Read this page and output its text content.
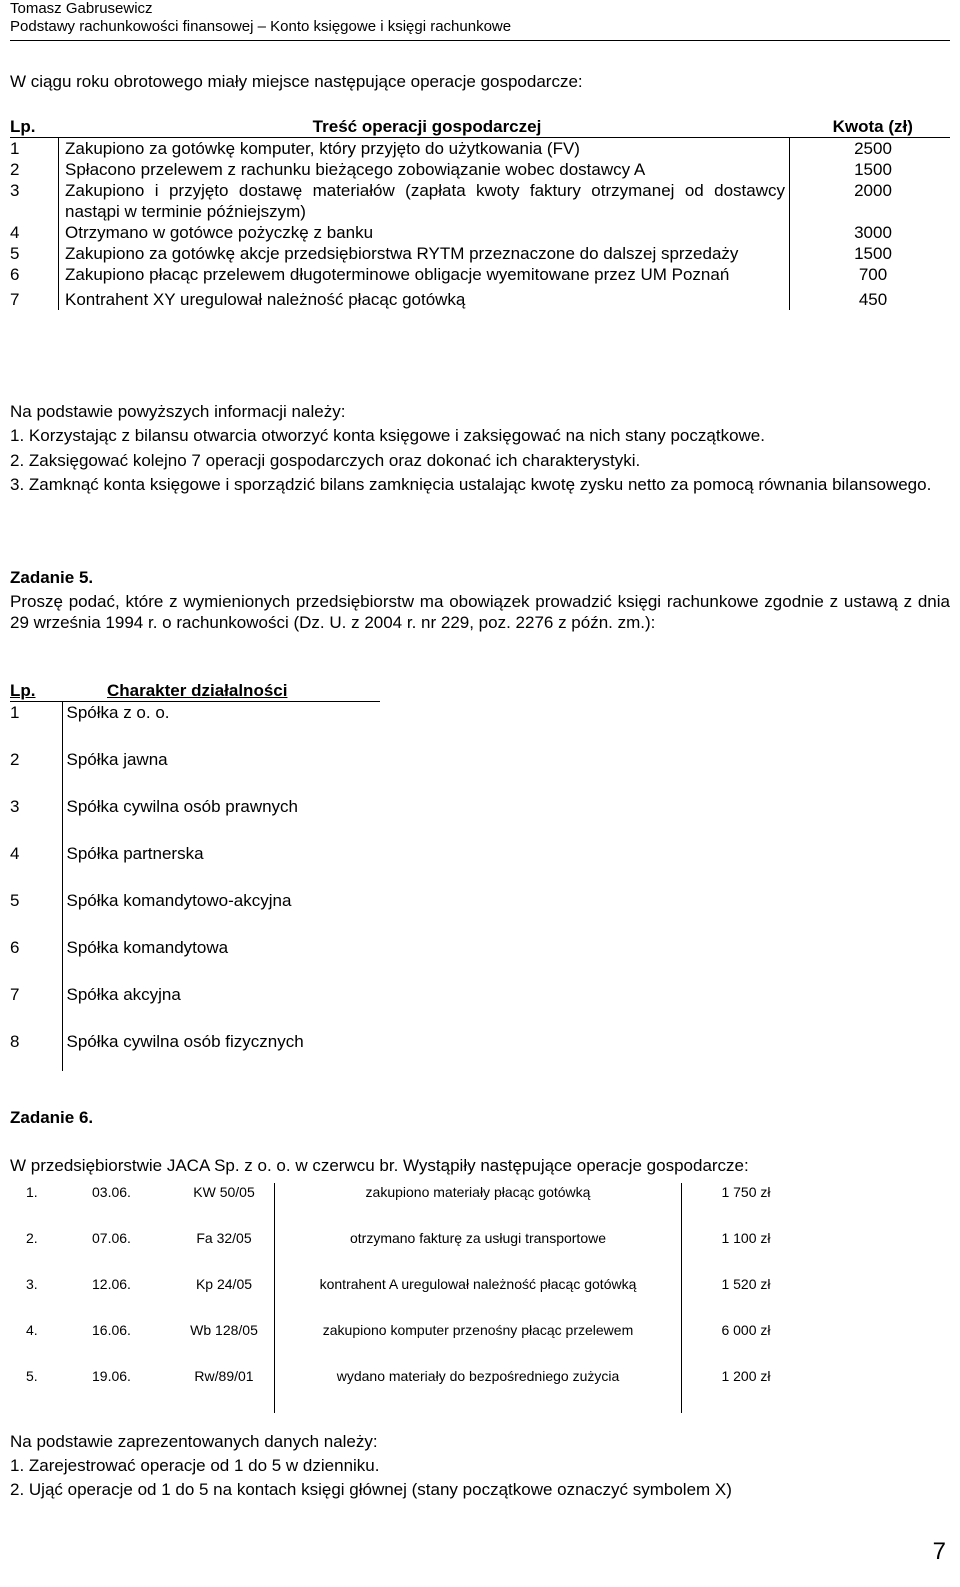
Tomasz Gabrusewicz
Podstawy rachunkowości finansowej – Konto księgowe i księgi rachunkowe
W ciągu roku obrotowego miały miejsce następujące operacje gospodarcze:
Lp.	Treść operacji gospodarczej	Kwota (zł)
1	Zakupiono za gotówkę komputer, który przyjęto do użytkowania (FV)	2500
2	Spłacono przelewem z rachunku bieżącego zobowiązanie wobec dostawcy A	1500
3	Zakupiono i przyjęto dostawę materiałów (zapłata kwoty faktury otrzymanej od dostawcy nastąpi w terminie późniejszym)	2000
4	Otrzymano w gotówce pożyczkę z banku	3000
5	Zakupiono za gotówkę akcje przedsiębiorstwa RYTM przeznaczone do dalszej sprzedaży	1500
6	Zakupiono płacąc przelewem długoterminowe obligacje wyemitowane przez UM Poznań	700
7	Kontrahent XY uregulował należność płacąc gotówką	450
Na podstawie powyższych informacji należy:
1. Korzystając z bilansu otwarcia otworzyć konta księgowe i zaksięgować na nich stany początkowe.
2. Zaksięgować kolejno 7 operacji gospodarczych oraz dokonać ich charakterystyki.
3. Zamknąć konta księgowe i sporządzić bilans zamknięcia ustalając kwotę zysku netto za pomocą równania bilansowego.
Zadanie 5.
Proszę podać, które z wymienionych przedsiębiorstw ma obowiązek prowadzić księgi rachunkowe zgodnie z ustawą z dnia 29 września 1994 r. o rachunkowości (Dz. U. z 2004 r. nr 229, poz. 2276 z późn. zm.):
Lp.	Charakter działalności
1	Spółka z o. o.
2	Spółka jawna
3	Spółka cywilna osób prawnych
4	Spółka partnerska
5	Spółka komandytowo-akcyjna
6	Spółka komandytowa
7	Spółka akcyjna
8	Spółka cywilna osób fizycznych
Zadanie 6.
W przedsiębiorstwie JACA Sp. z o. o. w czerwcu br. Wystąpiły następujące operacje gospodarcze:
1.	03.06.	KW 50/05	zakupiono materiały płacąc gotówką	1 750 zł
2.	07.06.	Fa 32/05	otrzymano fakturę za usługi transportowe	1 100 zł
3.	12.06.	Kp 24/05	kontrahent A uregulował należność płacąc gotówką	1 520 zł
4.	16.06.	Wb 128/05	zakupiono komputer przenośny płacąc przelewem	6 000 zł
5.	19.06.	Rw/89/01	wydano materiały do bezpośredniego zużycia	1 200 zł
Na podstawie zaprezentowanych danych należy:
1. Zarejestrować operacje od 1 do 5 w dzienniku.
2. Ująć operacje od 1 do 5 na kontach księgi głównej (stany początkowe oznaczyć symbolem X)
7
